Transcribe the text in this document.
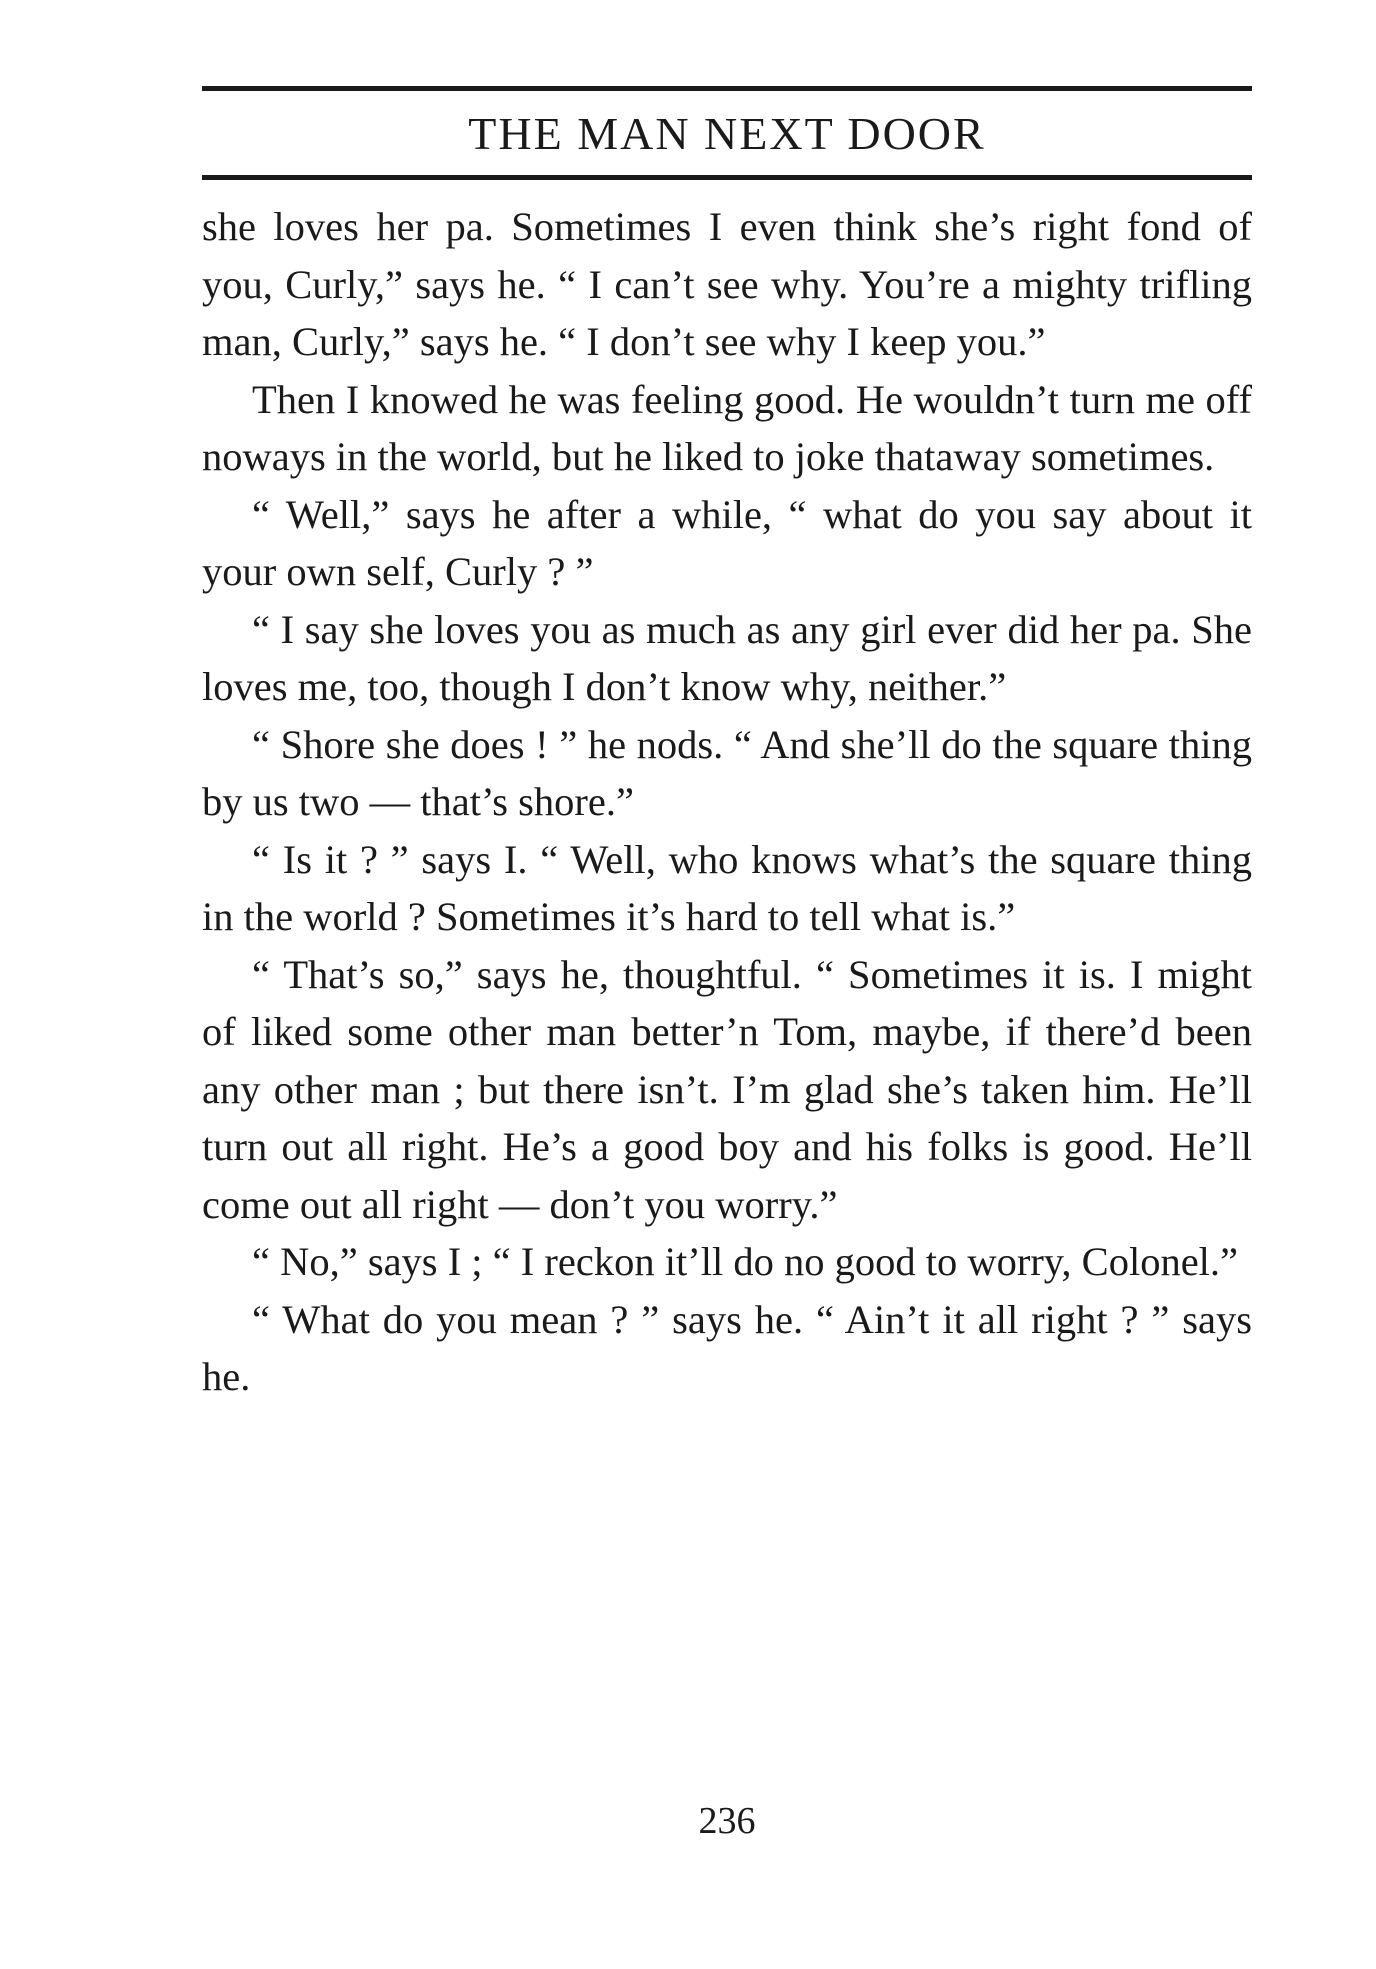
THE MAN NEXT DOOR

she loves her pa. Sometimes I even think she’s right fond of you, Curly,” says he. “ I can’t see why. You’re a mighty trifling man, Curly,” says he. “ I don’t see why I keep you.”

Then I knowed he was feeling good. He wouldn’t turn me off noways in the world, but he liked to joke thataway sometimes.

“ Well,” says he after a while, “ what do you say about it your own self, Curly ? ”

“ I say she loves you as much as any girl ever did her pa. She loves me, too, though I don’t know why, neither.”

“ Shore she does ! ” he nods. “ And she’ll do the square thing by us two — that’s shore.”

“ Is it ? ” says I. “ Well, who knows what’s the square thing in the world ? Sometimes it’s hard to tell what is.”

“ That’s so,” says he, thoughtful. “ Sometimes it is. I might of liked some other man better’n Tom, maybe, if there’d been any other man ; but there isn’t. I’m glad she’s taken him. He’ll turn out all right. He’s a good boy and his folks is good. He’ll come out all right — don’t you worry.”

“ No,” says I ; “ I reckon it’ll do no good to worry, Colonel.”

“ What do you mean ? ” says he. “ Ain’t it all right ? ” says he.

236
